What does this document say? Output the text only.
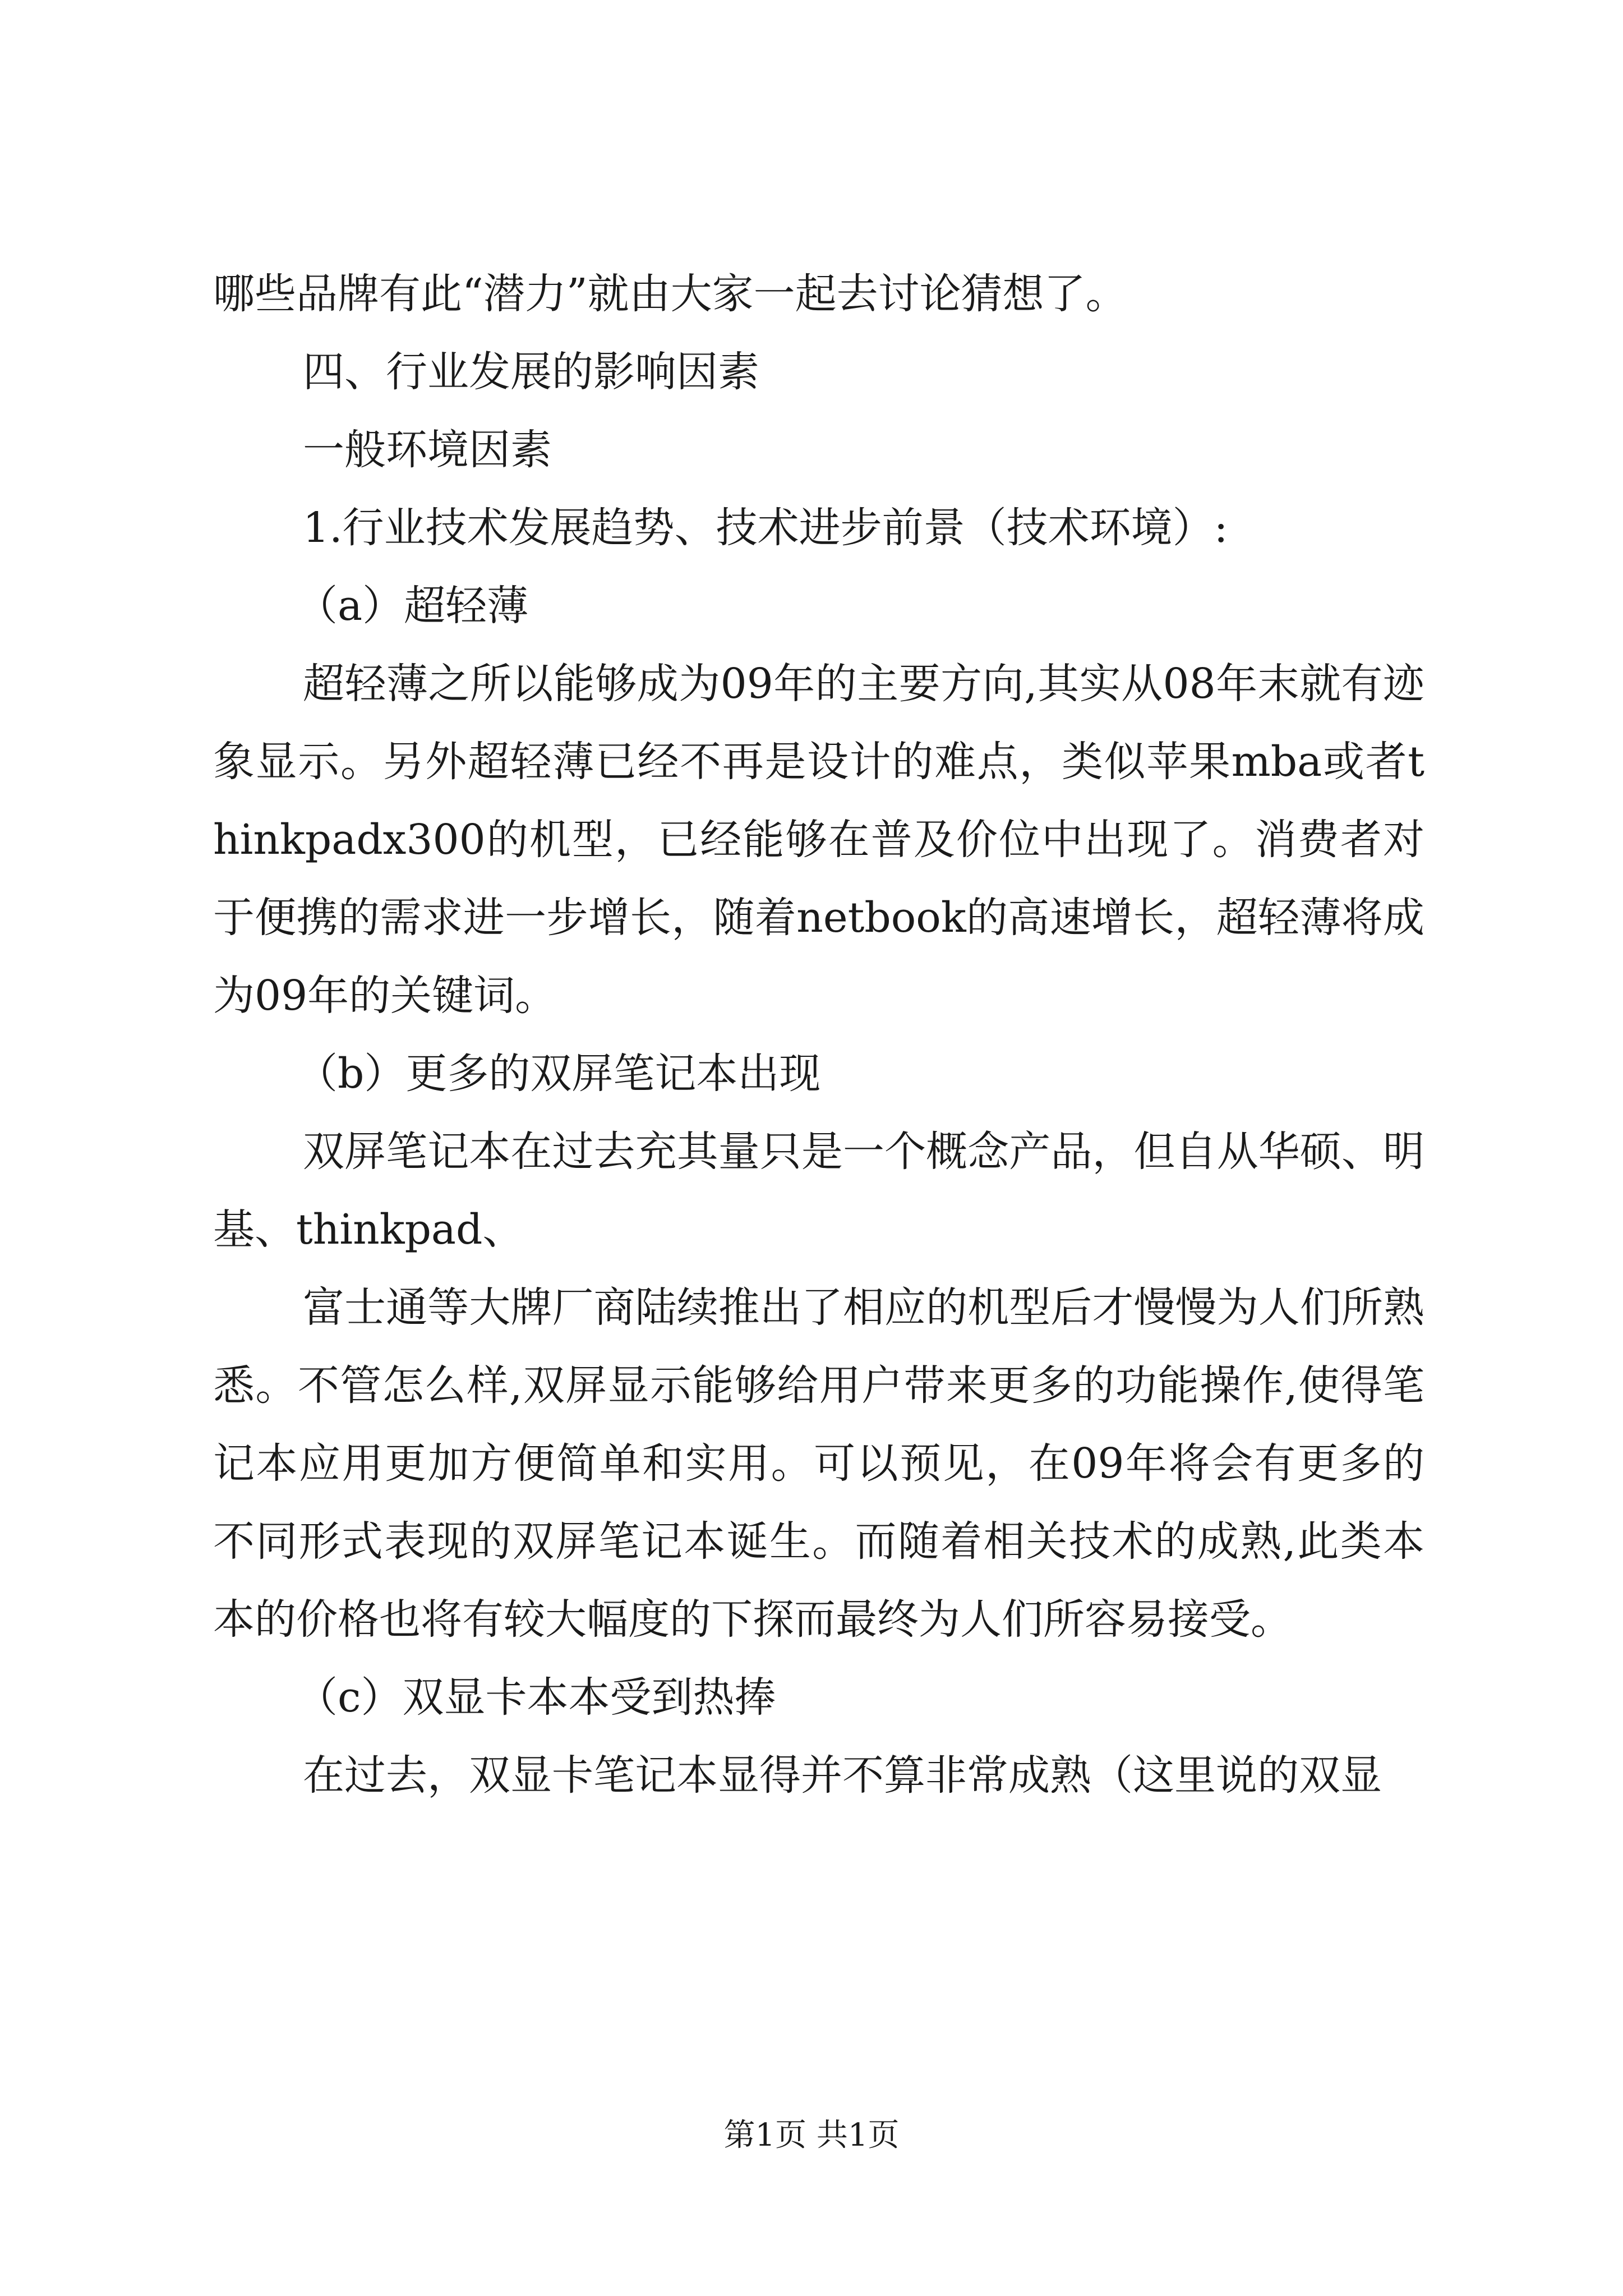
哪些品牌有此“潜力”就由大家一起去讨论猜想了。

四、行业发展的影响因素

一般环境因素

1.行业技术发展趋势、技术进步前景（技术环境）:

（a）超轻薄

超轻薄之所以能够成为09年的主要方向,其实从08年末就有迹象显示。另外超轻薄已经不再是设计的难点，类似苹果mba或者thinkpadx300的机型，已经能够在普及价位中出现了。消费者对于便携的需求进一步增长，随着netbook的高速增长，超轻薄将成为09年的关键词。

（b）更多的双屏笔记本出现

双屏笔记本在过去充其量只是一个概念产品，但自从华硕、明基、thinkpad、

富士通等大牌厂商陆续推出了相应的机型后才慢慢为人们所熟悉。不管怎么样,双屏显示能够给用户带来更多的功能操作,使得笔记本应用更加方便简单和实用。可以预见，在09年将会有更多的不同形式表现的双屏笔记本诞生。而随着相关技术的成熟,此类本本的价格也将有较大幅度的下探而最终为人们所容易接受。

（c）双显卡本本受到热捧

在过去，双显卡笔记本显得并不算非常成熟（这里说的双显

第1页 共1页
